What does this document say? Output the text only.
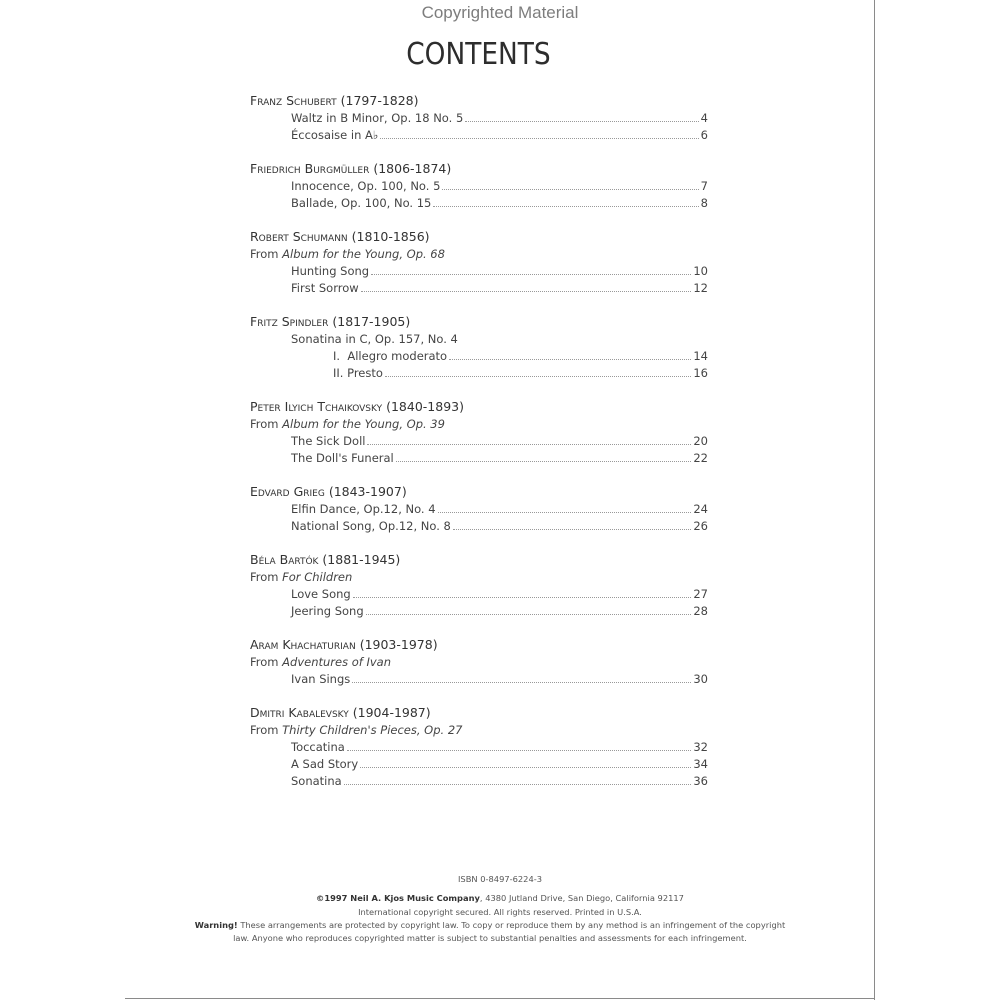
Copyrighted Material
CONTENTS
Franz Schubert (1797-1828)
Waltz in B Minor, Op. 18 No. 5	4
Éccosaise in A♭	6
Friedrich Burgmüller (1806-1874)
Innocence, Op. 100, No. 5	7
Ballade, Op. 100, No. 15	8
Robert Schumann (1810-1856)
From Album for the Young, Op. 68
Hunting Song	10
First Sorrow	12
Fritz Spindler (1817-1905)
Sonatina in C, Op. 157, No. 4
I.  Allegro moderato	14
II. Presto	16
Peter Ilyich Tchaikovsky (1840-1893)
From Album for the Young, Op. 39
The Sick Doll	20
The Doll's Funeral	22
Edvard Grieg (1843-1907)
Elfin Dance, Op.12, No. 4	24
National Song, Op.12, No. 8	26
Béla Bartók (1881-1945)
From For Children
Love Song	27
Jeering Song	28
Aram Khachaturian (1903-1978)
From Adventures of Ivan
Ivan Sings	30
Dmitri Kabalevsky (1904-1987)
From Thirty Children's Pieces, Op. 27
Toccatina	32
A Sad Story	34
Sonatina	36
ISBN 0-8497-6224-3
©1997 Neil A. Kjos Music Company, 4380 Jutland Drive, San Diego, California 92117
International copyright secured. All rights reserved. Printed in U.S.A.
Warning! These arrangements are protected by copyright law. To copy or reproduce them by any method is an infringement of the copyright
law. Anyone who reproduces copyrighted matter is subject to substantial penalties and assessments for each infringement.
